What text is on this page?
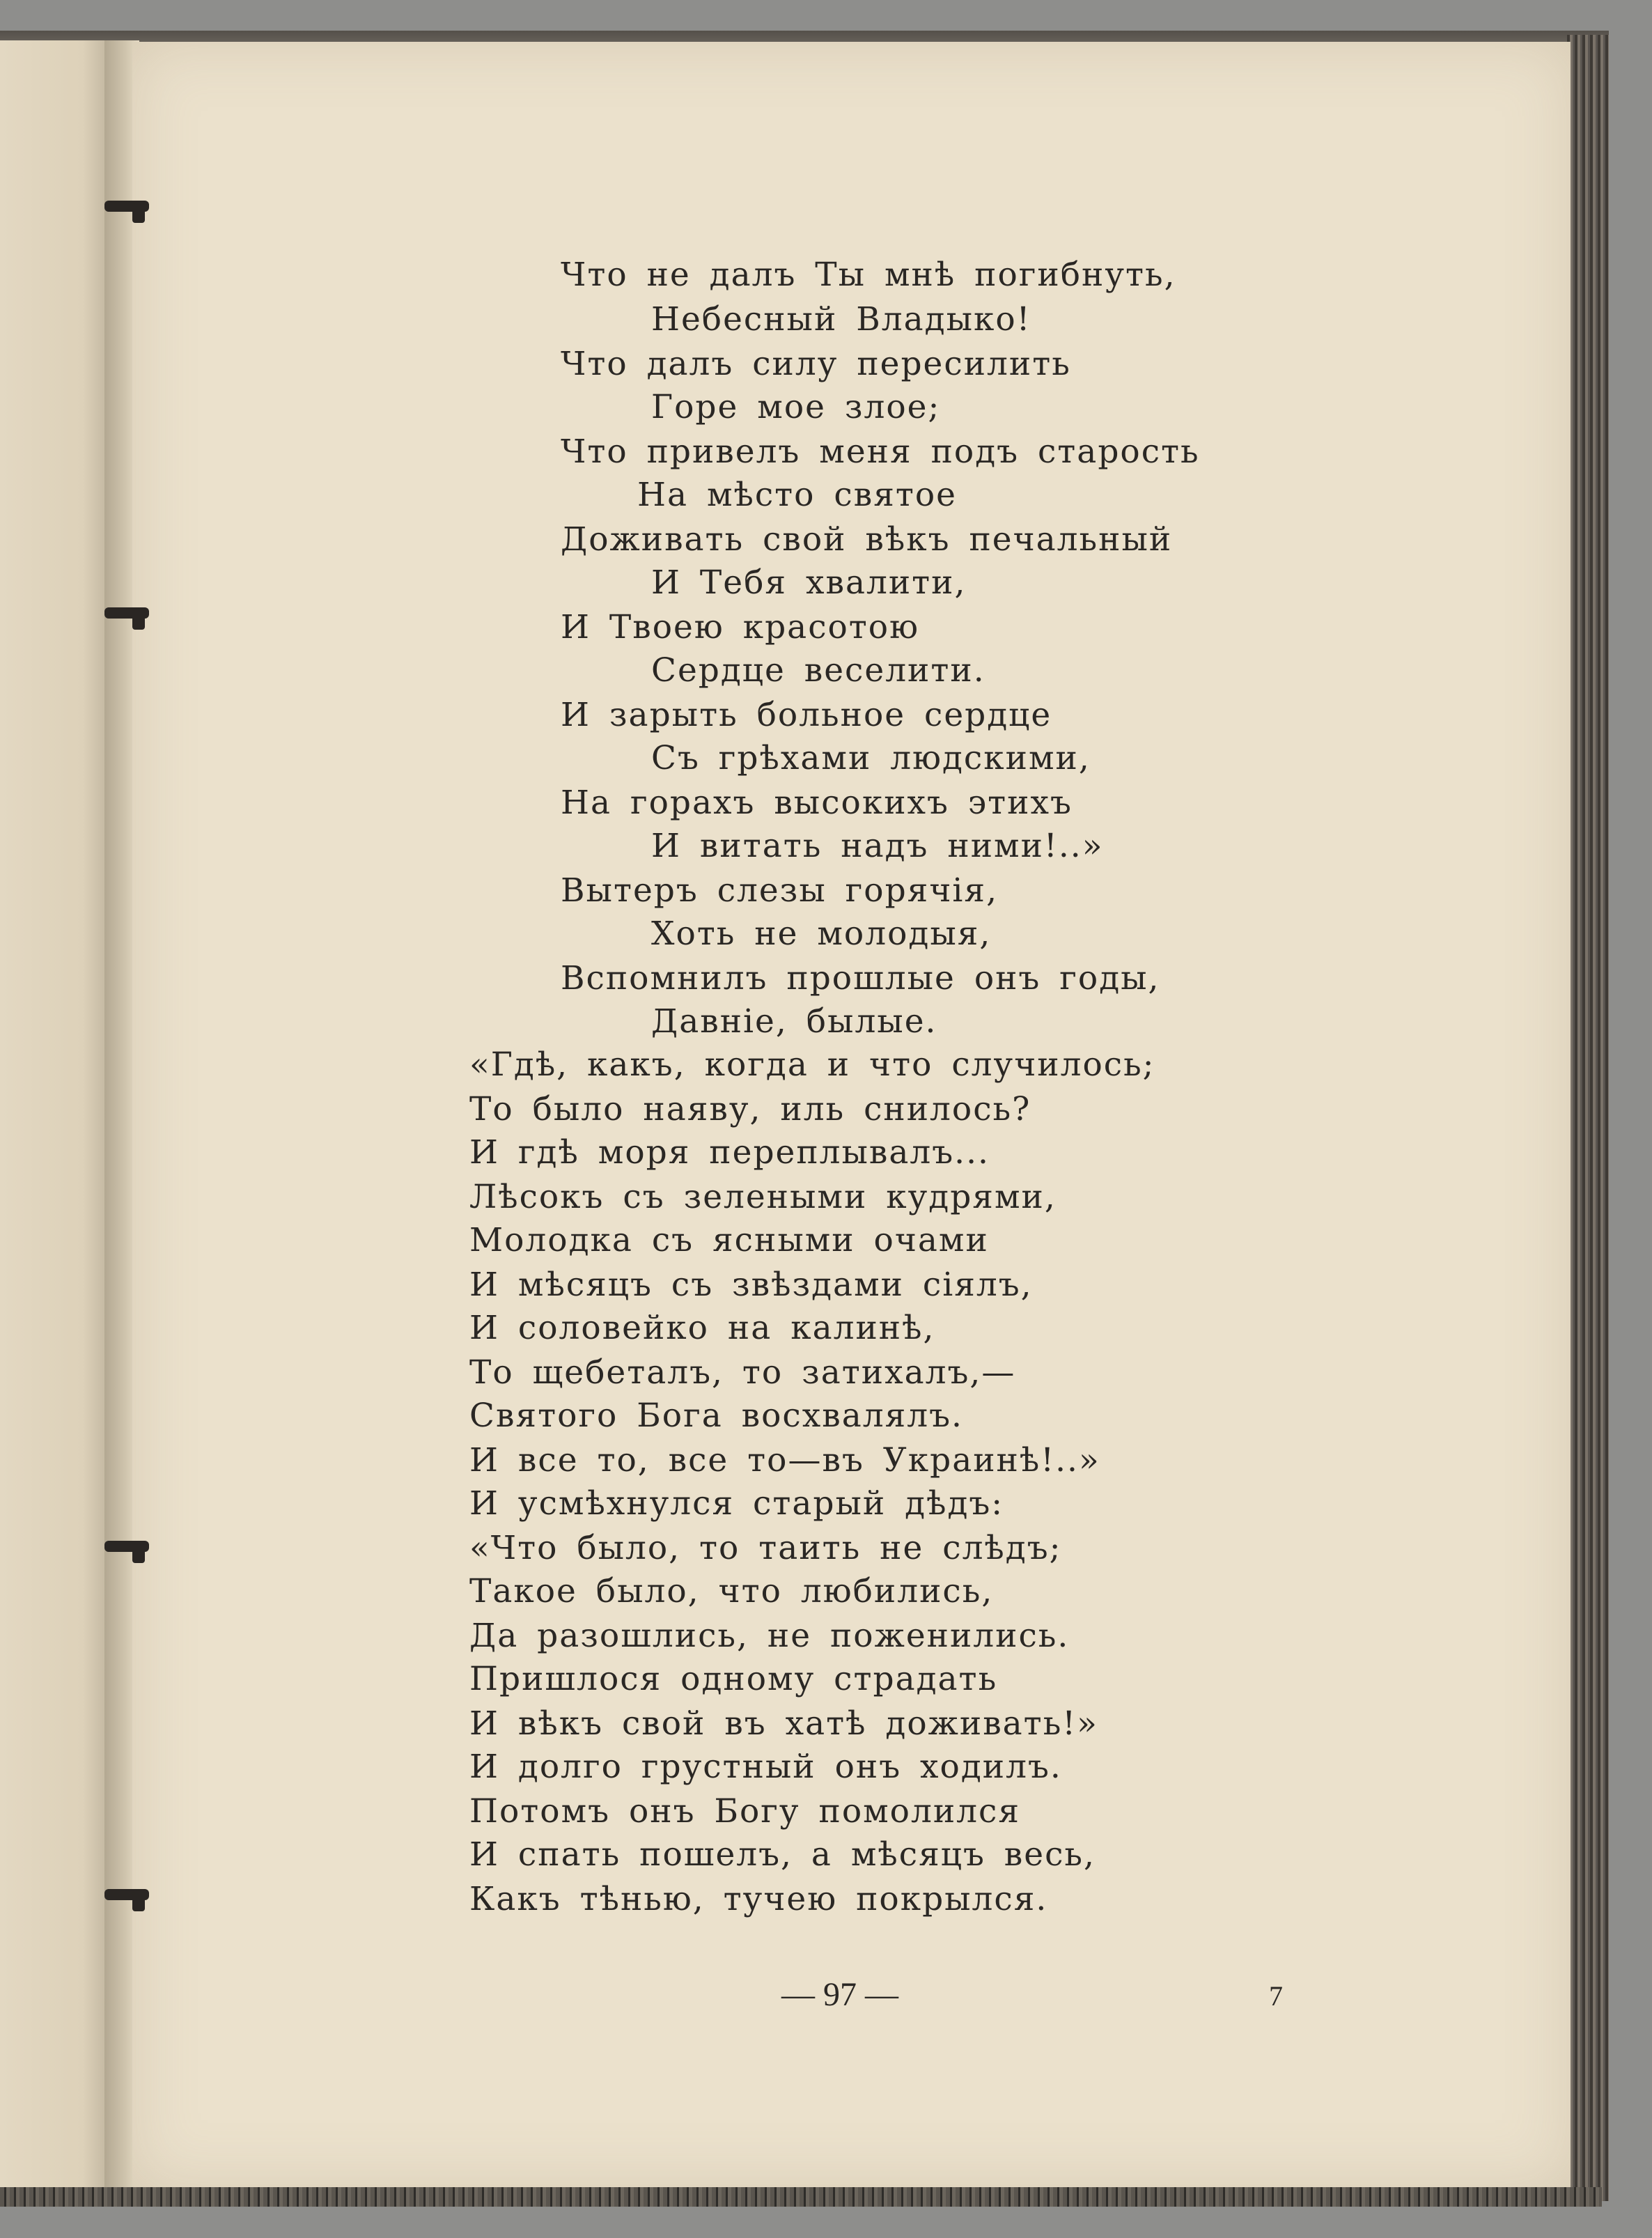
Что не далъ Ты мнѣ погибнуть,
Небесный Владыко!
Что далъ силу пересилить
Горе мое злое;
Что привелъ меня подъ старость
На мѣсто святое
Доживать свой вѣкъ печальный
И Тебя хвалити,
И Твоею красотою
Сердце веселити.
И зарыть больное сердце
Съ грѣхами людскими,
На горахъ высокихъ этихъ
И витать надъ ними!..»
Вытеръ слезы горячія,
Хоть не молодыя,
Вспомнилъ прошлые онъ годы,
Давніе, былые.
«Гдѣ, какъ, когда и что случилось;
То было наяву, иль снилось?
И гдѣ моря переплывалъ...
Лѣсокъ съ зелеными кудрями,
Молодка съ ясными очами
И мѣсяцъ съ звѣздами сіялъ,
И соловейко на калинѣ,
То щебеталъ, то затихалъ,—
Святого Бога восхвалялъ.
И все то, все то—въ Украинѣ!..»
И усмѣхнулся старый дѣдъ:
«Что было, то таить не слѣдъ;
Такое было, что любились,
Да разошлись, не поженились.
Пришлося одному страдать
И вѣкъ свой въ хатѣ доживать!»
И долго грустный онъ ходилъ.
Потомъ онъ Богу помолился
И спать пошелъ, а мѣсяцъ весь,
Какъ тѣнью, тучею покрылся.
— 97 —	7
